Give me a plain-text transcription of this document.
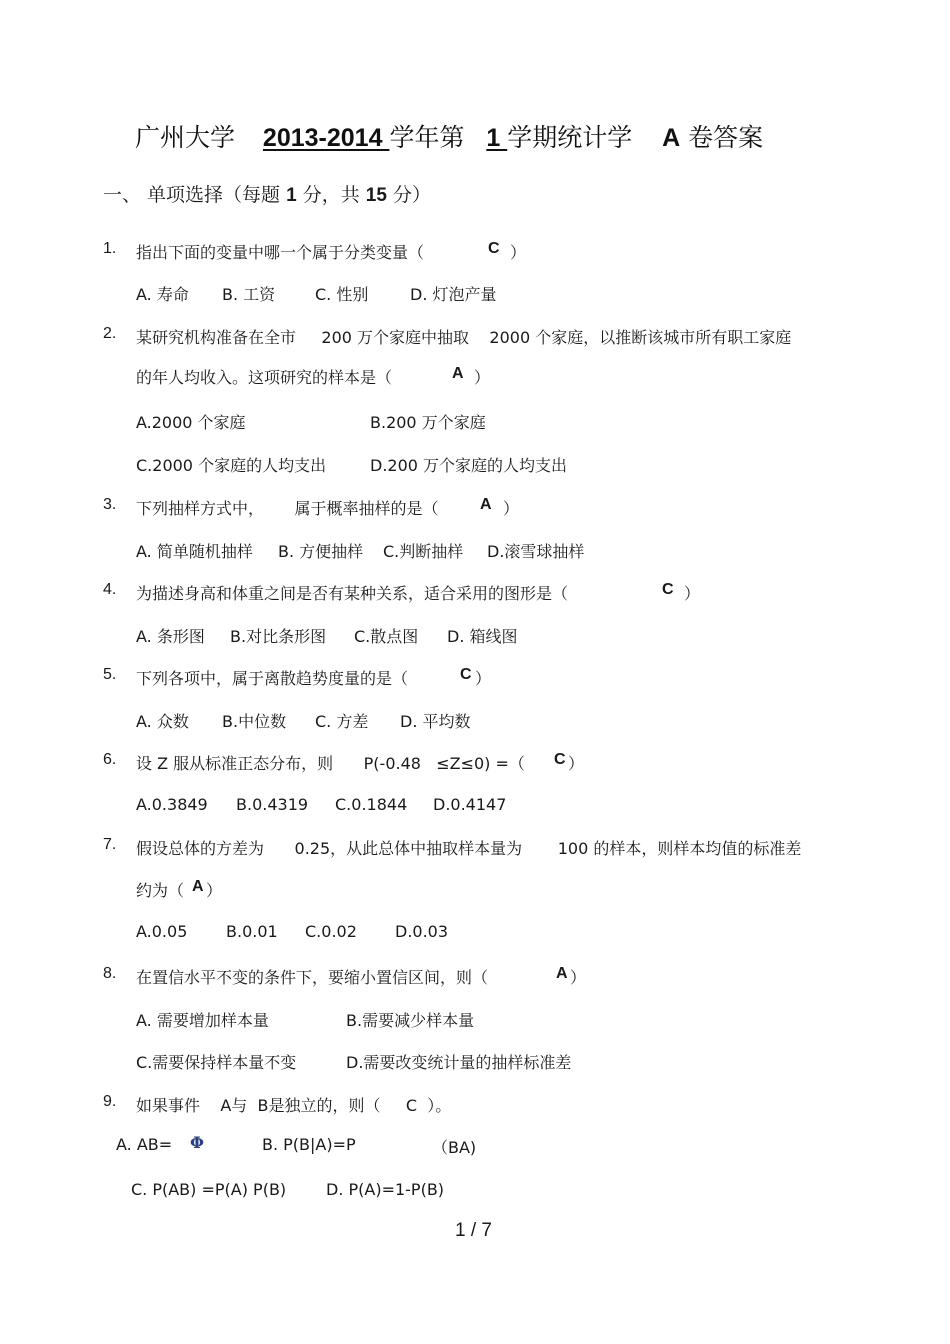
广州大学 2013-2014 学年第 1 学期统计学 A 卷答案
一、 单项选择（每题 1 分，共 15 分）
1. 指出下面的变量中哪一个属于分类变量（	C ）
A. 寿命 B. 工资 C. 性别	D. 灯泡产量
2. 某研究机构准备在全市     200 万个家庭中抽取    2000 个家庭，以推断该城市所有职工家庭
的年人均收入。这项研究的样本是（	A ）
A.2000 个家庭	B.200 万个家庭
C.2000 个家庭的人均支出	D.200 万个家庭的人均支出
3. 下列抽样方式中，      属于概率抽样的是（	A ）
A. 简单随机抽样 B. 方便抽样 C.判断抽样 D.滚雪球抽样
4. 为描述身高和体重之间是否有某种关系，适合采用的图形是（	C ）
A. 条形图 B.对比条形图 C.散点图 D. 箱线图
5. 下列各项中，属于离散趋势度量的是（	C ）
A. 众数 B.中位数 C. 方差 D. 平均数
6. 设 Z 服从标准正态分布，则      P(-0.48   ≤Z≤0) =（ C ）
A.0.3849 B.0.4319 C.0.1844 D.0.4147
7. 假设总体的方差为      0.25，从此总体中抽取样本量为       100 的样本，则样本均值的标准差
约为（ A ）
A.0.05 B.0.01 C.0.02 D.0.03
8. 在置信水平不变的条件下，要缩小置信区间，则（	A ）
A. 需要增加样本量	B.需要减少样本量
C.需要保持样本量不变	D.需要改变统计量的抽样标准差
9. 如果事件    A与  B是独立的，则（     C  ）。
A. AB= Φ	B. P(B|A)=P	（BA)
C. P(AB) =P(A) P(B) D. P(A)=1-P(B)
1 / 7
